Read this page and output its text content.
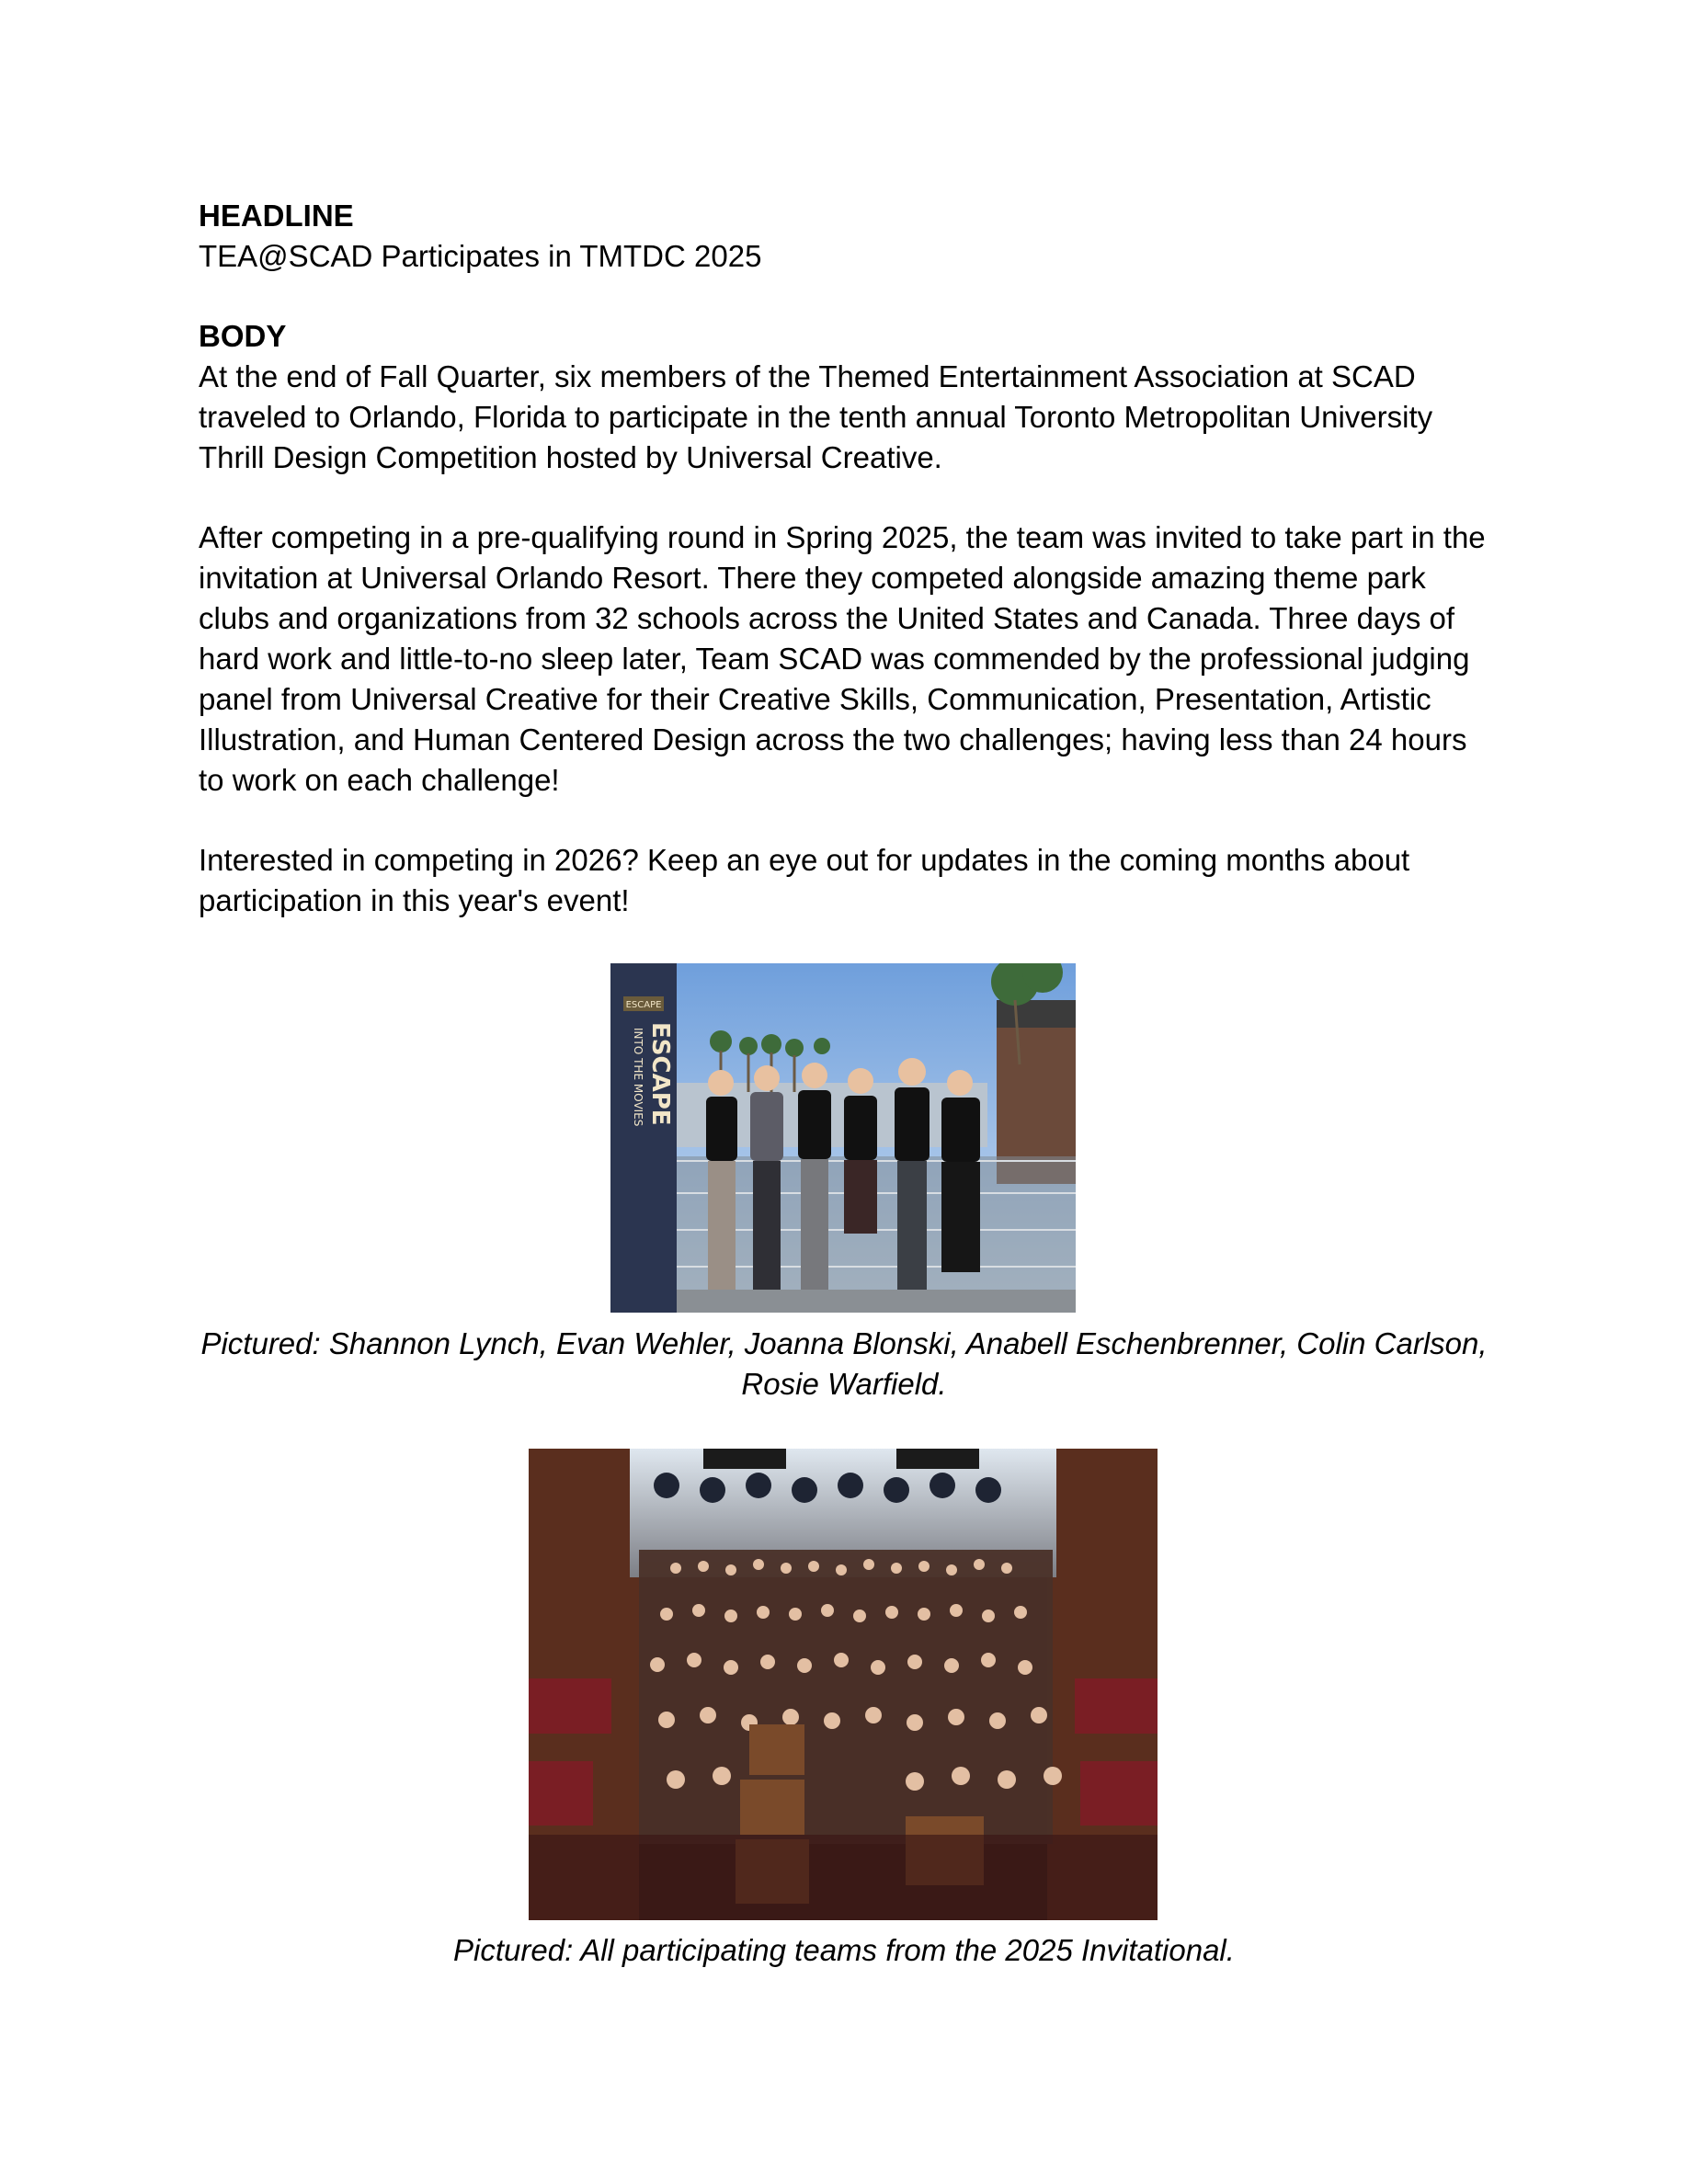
HEADLINE

TEA@SCAD Participates in TMTDC 2025

BODY

At the end of Fall Quarter, six members of the Themed Entertainment Association at SCAD traveled to Orlando, Florida to participate in the tenth annual Toronto Metropolitan University Thrill Design Competition hosted by Universal Creative.

After competing in a pre-qualifying round in Spring 2025, the team was invited to take part in the invitation at Universal Orlando Resort. There they competed alongside amazing theme park clubs and organizations from 32 schools across the United States and Canada. Three days of hard work and little-to-no sleep later, Team SCAD was commended by the professional judging panel from Universal Creative for their Creative Skills, Communication, Presentation, Artistic Illustration, and Human Centered Design across the two challenges; having less than 24 hours to work on each challenge!

Interested in competing in 2026? Keep an eye out for updates in the coming months about participation in this year's event!

ESCAPE
ESCAPE
INTO THE MOVIES

Pictured: Shannon Lynch, Evan Wehler, Joanna Blonski, Anabell Eschenbrenner, Colin Carlson, Rosie Warfield.

Pictured: All participating teams from the 2025 Invitational.
